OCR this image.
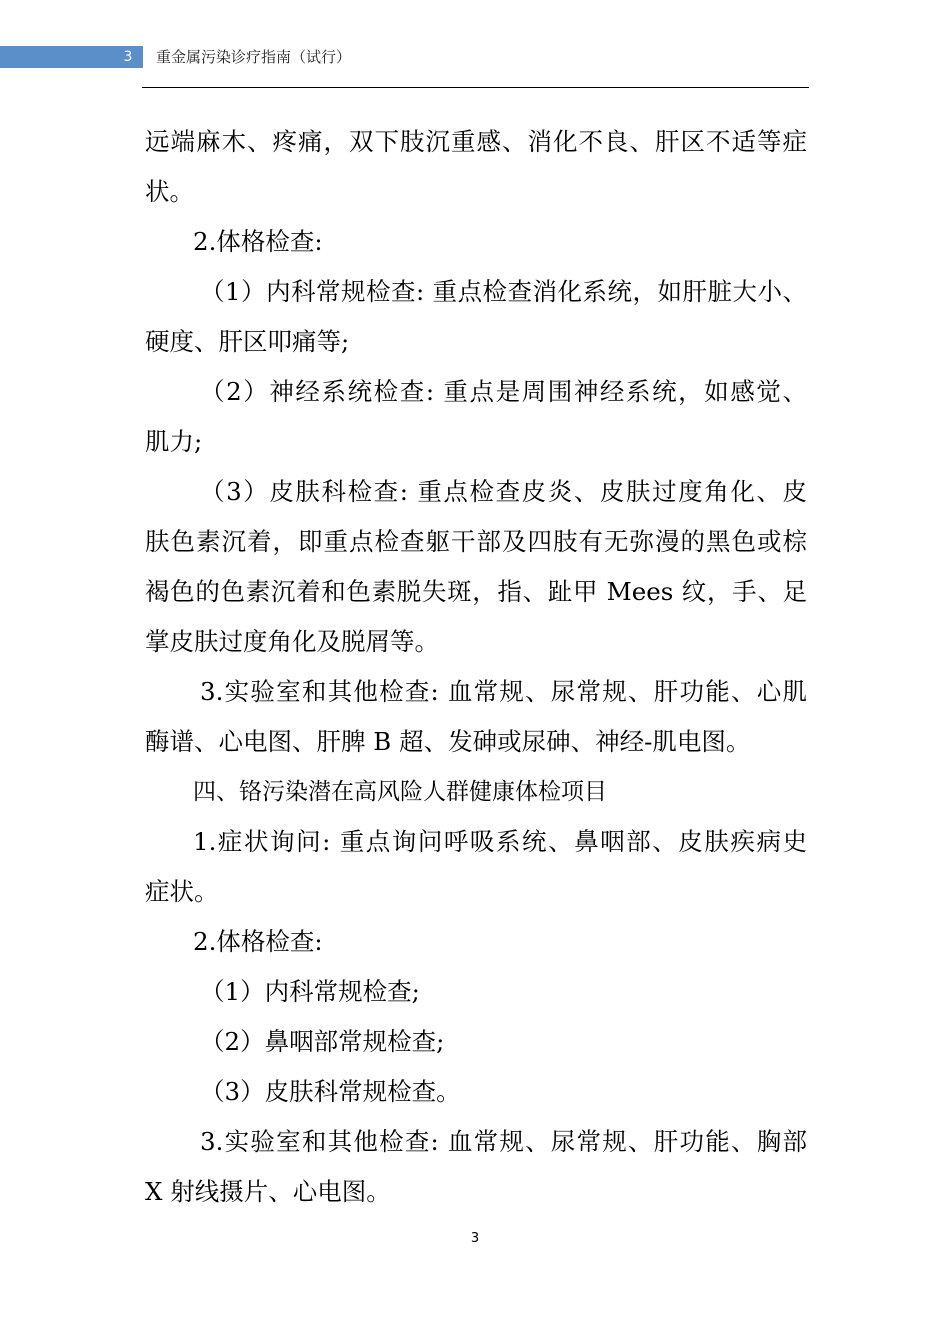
3	重金属污染诊疗指南（试行）
远端麻木、疼痛，双下肢沉重感、消化不良、肝区不适等症
状。
2.体格检查:
（1）内科常规检查: 重点检查消化系统，如肝脏大小、
硬度、肝区叩痛等;
（2）神经系统检查: 重点是周围神经系统，如感觉、
肌力;
（3）皮肤科检查: 重点检查皮炎、皮肤过度角化、皮
肤色素沉着，即重点检查躯干部及四肢有无弥漫的黑色或棕
褐色的色素沉着和色素脱失斑，指、趾甲 Mees 纹，手、足
掌皮肤过度角化及脱屑等。
3.实验室和其他检查: 血常规、尿常规、肝功能、心肌
酶谱、心电图、肝脾 B 超、发砷或尿砷、神经-肌电图。
四、铬污染潜在高风险人群健康体检项目
1.症状询问: 重点询问呼吸系统、鼻咽部、皮肤疾病史
症状。
2.体格检查:
（1）内科常规检查;
（2）鼻咽部常规检查;
（3）皮肤科常规检查。
3.实验室和其他检查: 血常规、尿常规、肝功能、胸部
X 射线摄片、心电图。
3
